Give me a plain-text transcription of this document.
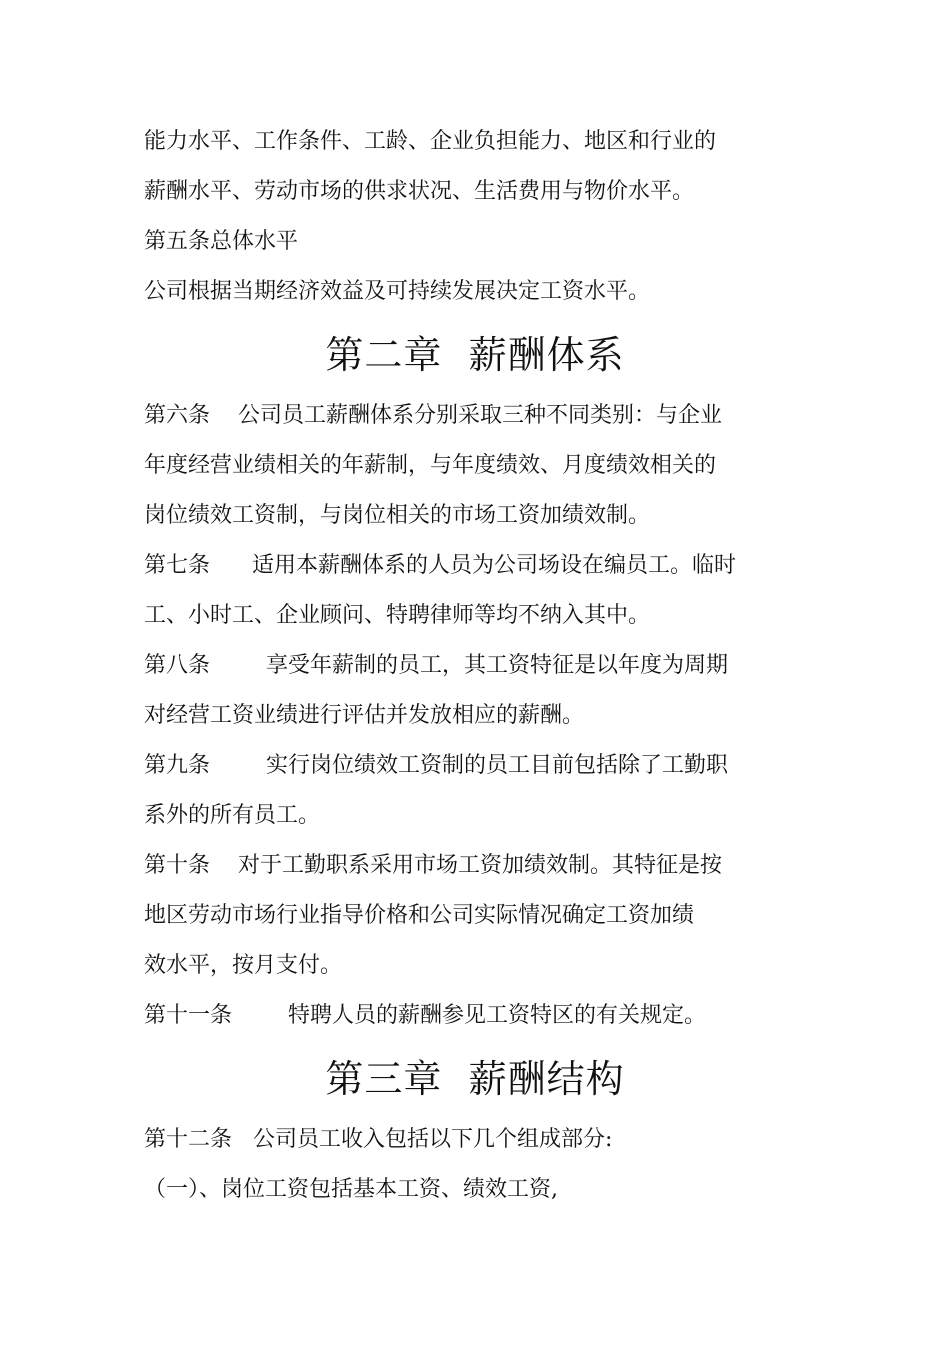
能力水平、工作条件、工龄、企业负担能力、地区和行业的
薪酬水平、劳动市场的供求状况、生活费用与物价水平。
第五条总体水平
公司根据当期经济效益及可持续发展决定工资水平。
第二章  薪酬体系
第六条    公司员工薪酬体系分别采取三种不同类别：与企业
年度经营业绩相关的年薪制，与年度绩效、月度绩效相关的
岗位绩效工资制，与岗位相关的市场工资加绩效制。
第七条      适用本薪酬体系的人员为公司场设在编员工。临时
工、小时工、企业顾问、特聘律师等均不纳入其中。
第八条        享受年薪制的员工，其工资特征是以年度为周期
对经营工资业绩进行评估并发放相应的薪酬。
第九条        实行岗位绩效工资制的员工目前包括除了工勤职
系外的所有员工。
第十条    对于工勤职系采用市场工资加绩效制。其特征是按
地区劳动市场行业指导价格和公司实际情况确定工资加绩
效水平，按月支付。
第十一条        特聘人员的薪酬参见工资特区的有关规定。
第三章  薪酬结构
第十二条   公司员工收入包括以下几个组成部分:
（一）、岗位工资包括基本工资、绩效工资,
